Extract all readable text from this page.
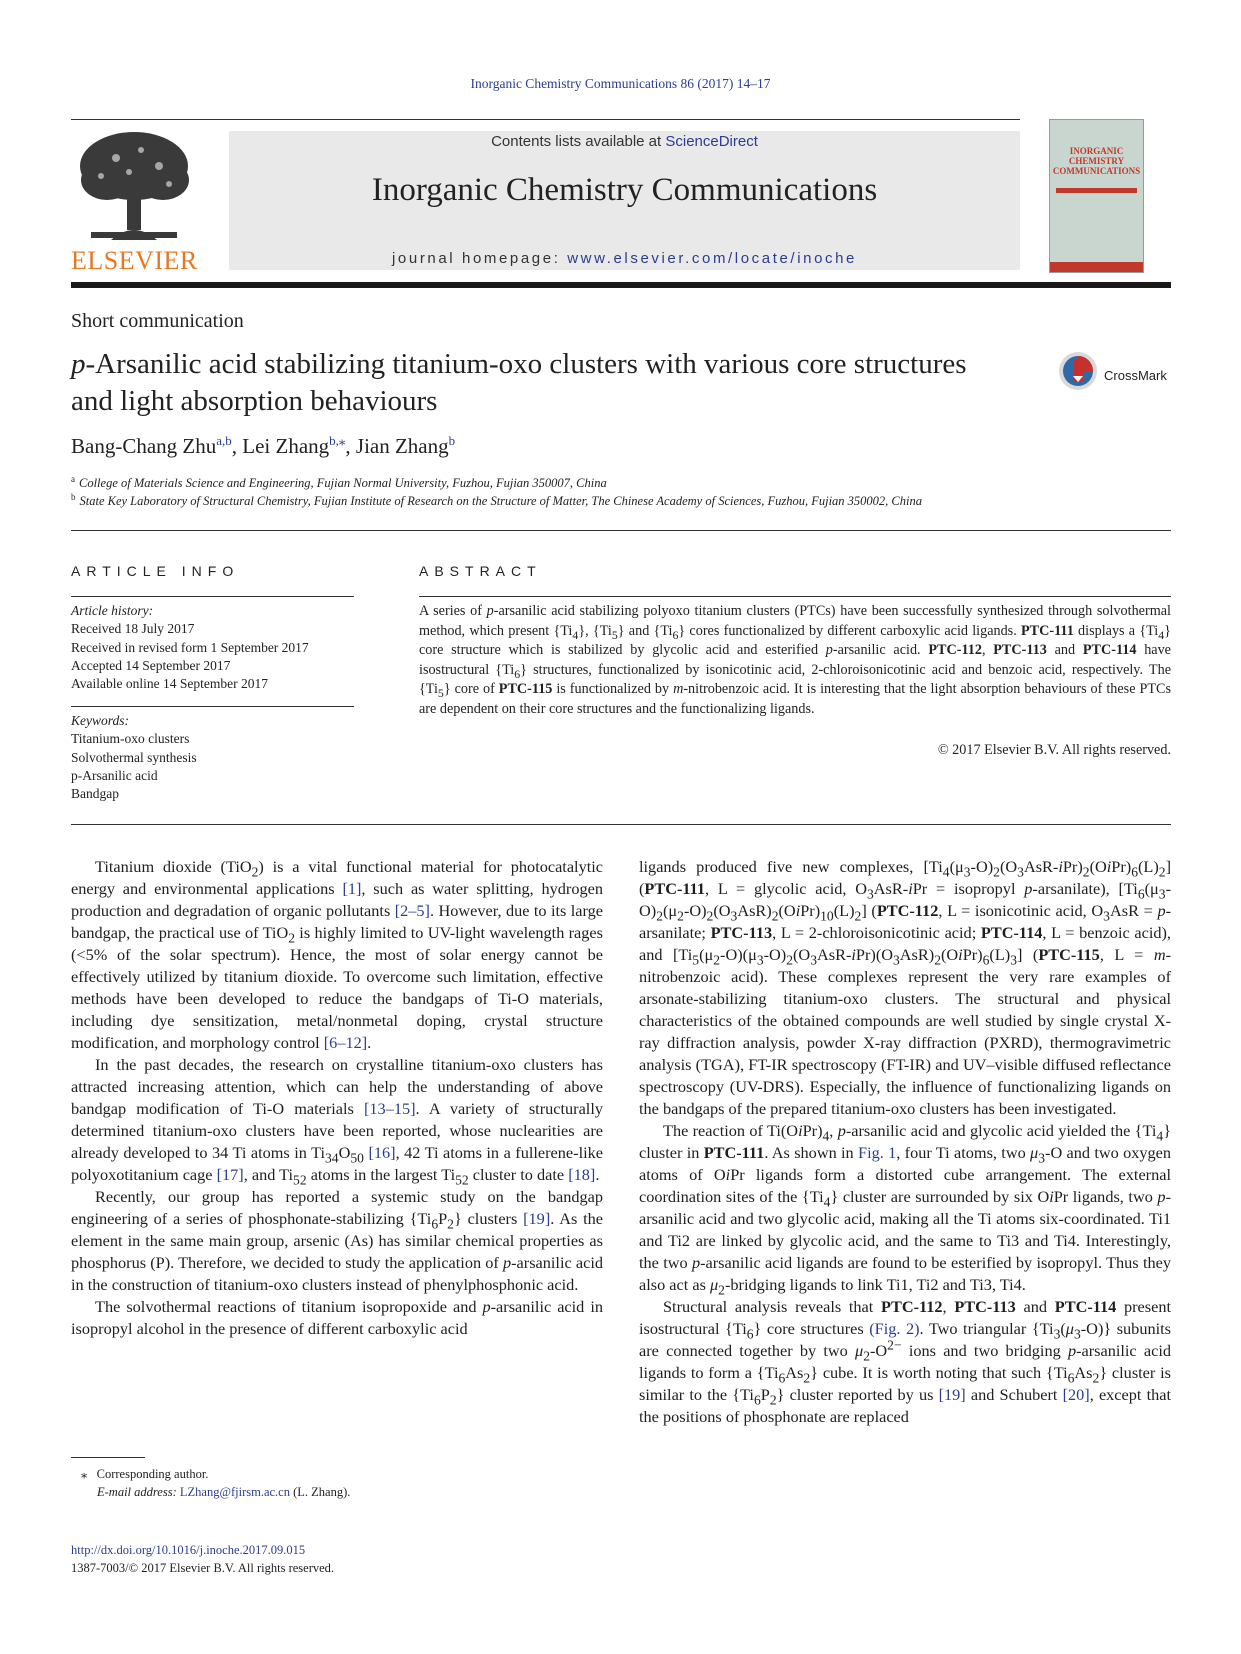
Inorganic Chemistry Communications 86 (2017) 14–17
ELSEVIER
Contents lists available at ScienceDirect
Inorganic Chemistry Communications
journal homepage: www.elsevier.com/locate/inoche
INORGANIC CHEMISTRY COMMUNICATIONS
Short communication
p-Arsanilic acid stabilizing titanium-oxo clusters with various core structures and light absorption behaviours
CrossMark
Bang-Chang Zhu$^{a,b}$, Lei Zhang$^{b,⁎}$, Jian Zhang$^b$
$^a$ College of Materials Science and Engineering, Fujian Normal University, Fuzhou, Fujian 350007, China
$^b$ State Key Laboratory of Structural Chemistry, Fujian Institute of Research on the Structure of Matter, The Chinese Academy of Sciences, Fuzhou, Fujian 350002, China
ARTICLE INFO
Article history:
Received 18 July 2017
Received in revised form 1 September 2017
Accepted 14 September 2017
Available online 14 September 2017
Keywords:
Titanium-oxo clusters
Solvothermal synthesis
p-Arsanilic acid
Bandgap
ABSTRACT
A series of p-arsanilic acid stabilizing polyoxo titanium clusters (PTCs) have been successfully synthesized through solvothermal method, which present $\{Ti_4\}$, $\{Ti_5\}$ and $\{Ti_6\}$ cores functionalized by different carboxylic acid ligands. PTC-111 displays a $\{Ti_4\}$ core structure which is stabilized by glycolic acid and esterified p-arsanilic acid. PTC-112, PTC-113 and PTC-114 have isostructural $\{Ti_6\}$ structures, functionalized by isonicotinic acid, 2-chloroisonicotinic acid and benzoic acid, respectively. The $\{Ti_5\}$ core of PTC-115 is functionalized by m-nitrobenzoic acid. It is interesting that the light absorption behaviours of these PTCs are dependent on their core structures and the functionalizing ligands.
© 2017 Elsevier B.V. All rights reserved.

Titanium dioxide (TiO$_2$) is a vital functional material for photocatalytic energy and environmental applications [1], such as water splitting, hydrogen production and degradation of organic pollutants [2–5]. However, due to its large bandgap, the practical use of TiO$_2$ is highly limited to UV-light wavelength rages (<5% of the solar spectrum). Hence, the most of solar energy cannot be effectively utilized by titanium dioxide. To overcome such limitation, effective methods have been developed to reduce the bandgaps of Ti-O materials, including dye sensitization, metal/nonmetal doping, crystal structure modification, and morphology control [6–12].

In the past decades, the research on crystalline titanium-oxo clusters has attracted increasing attention, which can help the understanding of above bandgap modification of Ti-O materials [13–15]. A variety of structurally determined titanium-oxo clusters have been reported, whose nuclearities are already developed to 34 Ti atoms in $Ti_{34}O_{50}$ [16], 42 Ti atoms in a fullerene-like polyoxotitanium cage [17], and $Ti_{52}$ atoms in the largest $Ti_{52}$ cluster to date [18].

Recently, our group has reported a systemic study on the bandgap engineering of a series of phosphonate-stabilizing $\{Ti_6P_2\}$ clusters [19]. As the element in the same main group, arsenic (As) has similar chemical properties as phosphorus (P). Therefore, we decided to study the application of p-arsanilic acid in the construction of titanium-oxo clusters instead of phenylphosphonic acid.

The solvothermal reactions of titanium isopropoxide and p-arsanilic acid in isopropyl alcohol in the presence of different carboxylic acid

ligands produced five new complexes, $[Ti_4(\mu_3-O)_2(O_3AsR-iPr)_2(OiPr)_6(L)_2]$ (PTC-111, L = glycolic acid, $O_3AsR$-iPr = isopropyl p-arsanilate), $[Ti_6(\mu_3-O)_2(\mu_2-O)_2(O_3AsR)_2(OiPr)_{10}(L)_2]$ (PTC-112, L = isonicotinic acid, $O_3AsR$ = p-arsanilate; PTC-113, L = 2-chloroisonicotinic acid; PTC-114, L = benzoic acid), and $[Ti_5(\mu_2-O)(\mu_3-O)_2(O_3AsR-iPr)(O_3AsR)_2(OiPr)_6(L)_3]$ (PTC-115, L = m-nitrobenzoic acid). These complexes represent the very rare examples of arsonate-stabilizing titanium-oxo clusters. The structural and physical characteristics of the obtained compounds are well studied by single crystal X-ray diffraction analysis, powder X-ray diffraction (PXRD), thermogravimetric analysis (TGA), FT-IR spectroscopy (FT-IR) and UV–visible diffused reflectance spectroscopy (UV-DRS). Especially, the influence of functionalizing ligands on the bandgaps of the prepared titanium-oxo clusters has been investigated.

The reaction of $Ti(OiPr)_4$, p-arsanilic acid and glycolic acid yielded the $\{Ti_4\}$ cluster in PTC-111. As shown in Fig. 1, four Ti atoms, two $\mu_3-O$ and two oxygen atoms of OiPr ligands form a distorted cube arrangement. The external coordination sites of the $\{Ti_4\}$ cluster are surrounded by six OiPr ligands, two p-arsanilic acid and two glycolic acid, making all the Ti atoms six-coordinated. Ti1 and Ti2 are linked by glycolic acid, and the same to Ti3 and Ti4. Interestingly, the two p-arsanilic acid ligands are found to be esterified by isopropyl. Thus they also act as $\mu_2$-bridging ligands to link Ti1, Ti2 and Ti3, Ti4.

Structural analysis reveals that PTC-112, PTC-113 and PTC-114 present isostructural $\{Ti_6\}$ core structures (Fig. 2). Two triangular $\{Ti_3(\mu_3-O)\}$ subunits are connected together by two $\mu_2-O^{2-}$ ions and two bridging p-arsanilic acid ligands to form a $\{Ti_6As_2\}$ cube. It is worth noting that such $\{Ti_6As_2\}$ cluster is similar to the $\{Ti_6P_2\}$ cluster reported by us [19] and Schubert [20], except that the positions of phosphonate are replaced

⁎ Corresponding author.
E-mail address: LZhang@fjirsm.ac.cn (L. Zhang).
http://dx.doi.org/10.1016/j.inoche.2017.09.015
1387-7003/© 2017 Elsevier B.V. All rights reserved.
